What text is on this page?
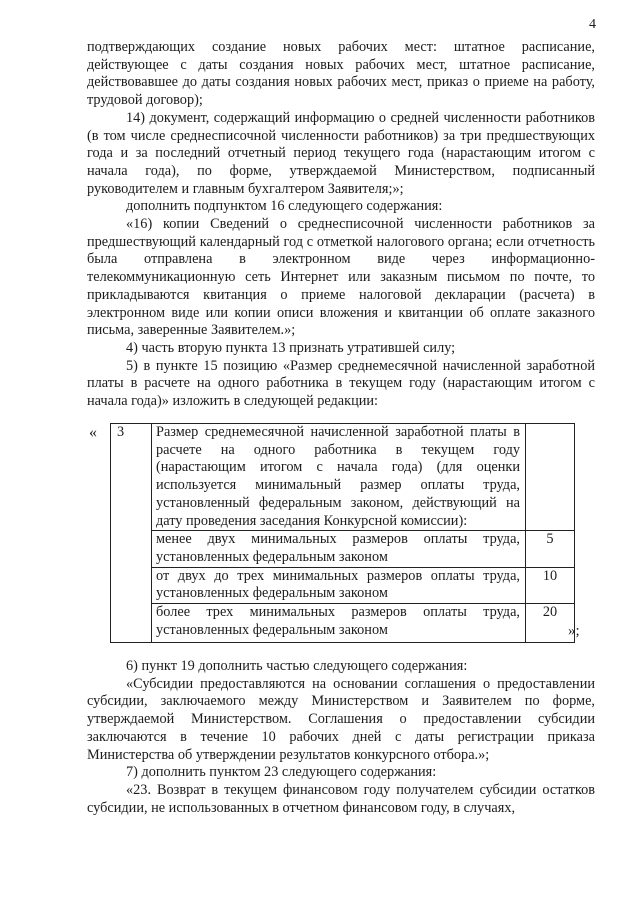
4

подтверждающих создание новых рабочих мест: штатное расписание, действующее с даты создания новых рабочих мест, штатное расписание, действовавшее до даты создания новых рабочих мест, приказ о приеме на работу, трудовой договор);

14) документ, содержащий информацию о средней численности работников (в том числе среднесписочной численности работников) за три предшествующих года и за последний отчетный период текущего года (нарастающим итогом с начала года), по форме, утверждаемой Министерством, подписанный руководителем и главным бухгалтером Заявителя;»;

дополнить подпунктом 16 следующего содержания:

«16) копии Сведений о среднесписочной численности работников за предшествующий календарный год с отметкой налогового органа; если отчетность была отправлена в электронном виде через информационно-телекоммуникационную сеть Интернет или заказным письмом по почте, то прикладываются квитанция о приеме налоговой декларации (расчета) в электронном виде или копии описи вложения и квитанции об оплате заказного письма, заверенные Заявителем.»;

4) часть вторую пункта 13 признать утратившей силу;

5) в пункте 15 позицию «Размер среднемесячной начисленной заработной платы в расчете на одного работника в текущем году (нарастающим итогом с начала года)» изложить в следующей редакции:

« 3	Размер среднемесячной начисленной заработной платы в расчете на одного работника в текущем году (нарастающим итогом с начала года) (для оценки используется минимальный размер оплаты труда, установленный федеральным законом, действующий на дату проведения заседания Конкурсной комиссии):	
	менее двух минимальных размеров оплаты труда, установленных федеральным законом	5
	от двух до трех минимальных размеров оплаты труда, установленных федеральным законом	10
	более трех минимальных размеров оплаты труда, установленных федеральным законом	20
»;

6) пункт 19 дополнить частью следующего содержания:

«Субсидии предоставляются на основании соглашения о предоставлении субсидии, заключаемого между Министерством и Заявителем по форме, утверждаемой Министерством. Соглашения о предоставлении субсидии заключаются в течение 10 рабочих дней с даты регистрации приказа Министерства об утверждении результатов конкурсного отбора.»;

7) дополнить пунктом 23 следующего содержания:

«23. Возврат в текущем финансовом году получателем субсидии остатков субсидии, не использованных в отчетном финансовом году, в случаях,
